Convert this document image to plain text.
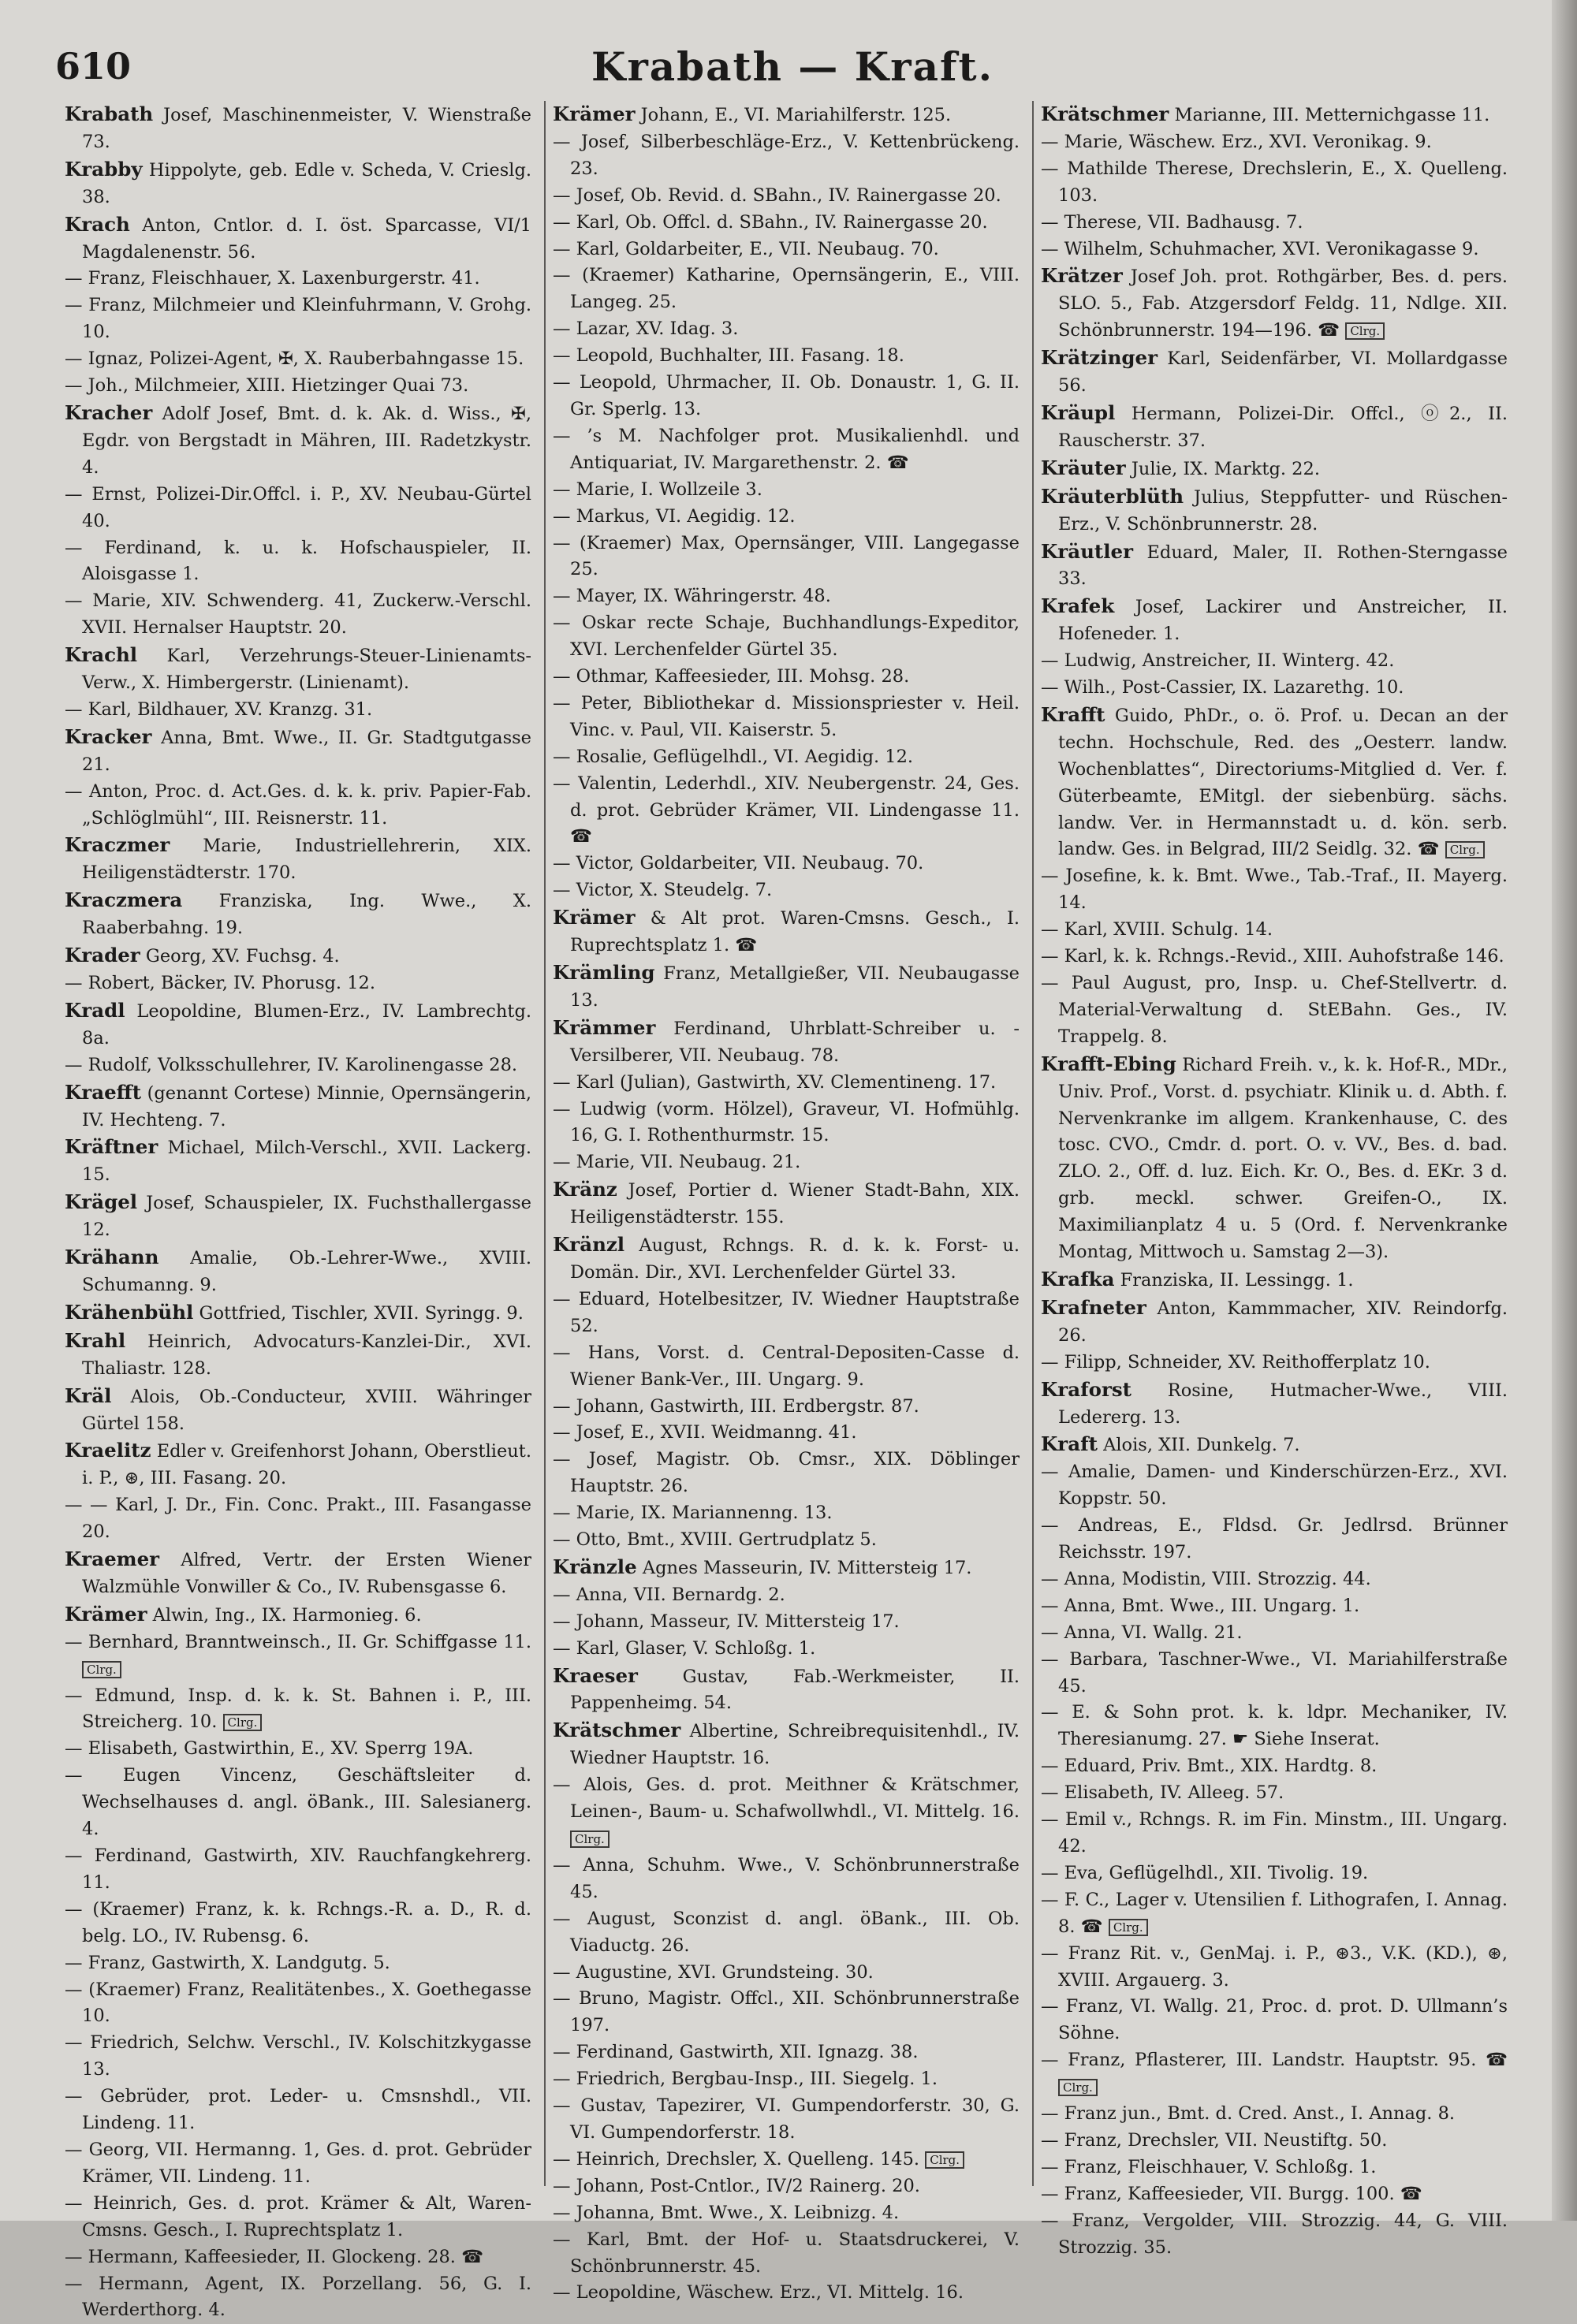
610	Krabath — Kraft.
Krabath Josef, Maschinenmeister, V. Wienstraße 73.
Krabby Hippolyte, geb. Edle v. Scheda, V. Crieslg. 38.
Krach Anton, Cntlor. d. I. öst. Sparcasse, VI/1 Magdalenenstr. 56.
— Franz, Fleischhauer, X. Laxenburgerstr. 41.
— Franz, Milchmeier und Kleinfuhrmann, V. Grohg. 10.
— Ignaz, Polizei-Agent, ✠, X. Rauberbahngasse 15.
— Joh., Milchmeier, XIII. Hietzinger Quai 73.
Kracher Adolf Josef, Bmt. d. k. Ak. d. Wiss., ✠, Egdr. von Bergstadt in Mähren, III. Radetzkystr. 4.
— Ernst, Polizei-Dir.Offcl. i. P., XV. Neubau-Gürtel 40.
— Ferdinand, k. u. k. Hofschauspieler, II. Aloisgasse 1.
— Marie, XIV. Schwenderg. 41, Zuckerw.-Verschl. XVII. Hernalser Hauptstr. 20.
Krachl Karl, Verzehrungs-Steuer-Linienamts-Verw., X. Himbergerstr. (Linienamt).
— Karl, Bildhauer, XV. Kranzg. 31.
Kracker Anna, Bmt. Wwe., II. Gr. Stadtgutgasse 21.
— Anton, Proc. d. Act.Ges. d. k. k. priv. Papier-Fab. „Schlöglmühl“, III. Reisnerstr. 11.
Kraczmer Marie, Industriellehrerin, XIX. Heiligenstädterstr. 170.
Kraczmera Franziska, Ing. Wwe., X. Raaberbahng. 19.
Krader Georg, XV. Fuchsg. 4.
— Robert, Bäcker, IV. Phorusg. 12.
Kradl Leopoldine, Blumen-Erz., IV. Lambrechtg. 8a.
— Rudolf, Volksschullehrer, IV. Karolinengasse 28.
Kraefft (genannt Cortese) Minnie, Opernsängerin, IV. Hechteng. 7.
Kräftner Michael, Milch-Verschl., XVII. Lackerg. 15.
Krägel Josef, Schauspieler, IX. Fuchsthallergasse 12.
Krähann Amalie, Ob.-Lehrer-Wwe., XVIII. Schumanng. 9.
Krähenbühl Gottfried, Tischler, XVII. Syringg. 9.
Krahl Heinrich, Advocaturs-Kanzlei-Dir., XVI. Thaliastr. 128.
Kräl Alois, Ob.-Conducteur, XVIII. Währinger Gürtel 158.
Kraelitz Edler v. Greifenhorst Johann, Oberstlieut. i. P., ⊛, III. Fasang. 20.
— — Karl, J. Dr., Fin. Conc. Prakt., III. Fasangasse 20.
Kraemer Alfred, Vertr. der Ersten Wiener Walzmühle Vonwiller & Co., IV. Rubensgasse 6.
Krämer Alwin, Ing., IX. Harmonieg. 6.
— Bernhard, Branntweinsch., II. Gr. Schiffgasse 11. Clrg.
— Edmund, Insp. d. k. k. St. Bahnen i. P., III. Streicherg. 10. Clrg.
— Elisabeth, Gastwirthin, E., XV. Sperrg 19A.
— Eugen Vincenz, Geschäftsleiter d. Wechselhauses d. angl. öBank., III. Salesianerg. 4.
— Ferdinand, Gastwirth, XIV. Rauchfangkehrerg. 11.
— (Kraemer) Franz, k. k. Rchngs.-R. a. D., R. d. belg. LO., IV. Rubensg. 6.
— Franz, Gastwirth, X. Landgutg. 5.
— (Kraemer) Franz, Realitätenbes., X. Goethegasse 10.
— Friedrich, Selchw. Verschl., IV. Kolschitzkygasse 13.
— Gebrüder, prot. Leder- u. Cmsnshdl., VII. Lindeng. 11.
— Georg, VII. Hermanng. 1, Ges. d. prot. Gebrüder Krämer, VII. Lindeng. 11.
— Heinrich, Ges. d. prot. Krämer & Alt, Waren-Cmsns. Gesch., I. Ruprechtsplatz 1.
— Hermann, Kaffeesieder, II. Glockeng. 28. ☎
— Hermann, Agent, IX. Porzellang. 56, G. I. Werderthorg. 4.
Krämer Johann, E., VI. Mariahilferstr. 125.
— Josef, Silberbeschläge-Erz., V. Kettenbrückeng. 23.
— Josef, Ob. Revid. d. SBahn., IV. Rainergasse 20.
— Karl, Ob. Offcl. d. SBahn., IV. Rainergasse 20.
— Karl, Goldarbeiter, E., VII. Neubaug. 70.
— (Kraemer) Katharine, Opernsängerin, E., VIII. Langeg. 25.
— Lazar, XV. Idag. 3.
— Leopold, Buchhalter, III. Fasang. 18.
— Leopold, Uhrmacher, II. Ob. Donaustr. 1, G. II. Gr. Sperlg. 13.
— ’s M. Nachfolger prot. Musikalienhdl. und Antiquariat, IV. Margarethenstr. 2. ☎
— Marie, I. Wollzeile 3.
— Markus, VI. Aegidig. 12.
— (Kraemer) Max, Opernsänger, VIII. Langegasse 25.
— Mayer, IX. Währingerstr. 48.
— Oskar recte Schaje, Buchhandlungs-Expeditor, XVI. Lerchenfelder Gürtel 35.
— Othmar, Kaffeesieder, III. Mohsg. 28.
— Peter, Bibliothekar d. Missionspriester v. Heil. Vinc. v. Paul, VII. Kaiserstr. 5.
— Rosalie, Geflügelhdl., VI. Aegidig. 12.
— Valentin, Lederhdl., XIV. Neubergenstr. 24, Ges. d. prot. Gebrüder Krämer, VII. Lindengasse 11. ☎
— Victor, Goldarbeiter, VII. Neubaug. 70.
— Victor, X. Steudelg. 7.
Krämer & Alt prot. Waren-Cmsns. Gesch., I. Ruprechtsplatz 1. ☎
Krämling Franz, Metallgießer, VII. Neubaugasse 13.
Krämmer Ferdinand, Uhrblatt-Schreiber u. -Versilberer, VII. Neubaug. 78.
— Karl (Julian), Gastwirth, XV. Clementineng. 17.
— Ludwig (vorm. Hölzel), Graveur, VI. Hofmühlg. 16, G. I. Rothenthurmstr. 15.
— Marie, VII. Neubaug. 21.
Kränz Josef, Portier d. Wiener Stadt-Bahn, XIX. Heiligenstädterstr. 155.
Kränzl August, Rchngs. R. d. k. k. Forst- u. Domän. Dir., XVI. Lerchenfelder Gürtel 33.
— Eduard, Hotelbesitzer, IV. Wiedner Hauptstraße 52.
— Hans, Vorst. d. Central-Depositen-Casse d. Wiener Bank-Ver., III. Ungarg. 9.
— Johann, Gastwirth, III. Erdbergstr. 87.
— Josef, E., XVII. Weidmanng. 41.
— Josef, Magistr. Ob. Cmsr., XIX. Döblinger Hauptstr. 26.
— Marie, IX. Mariannenng. 13.
— Otto, Bmt., XVIII. Gertrudplatz 5.
Kränzle Agnes Masseurin, IV. Mittersteig 17.
— Anna, VII. Bernardg. 2.
— Johann, Masseur, IV. Mittersteig 17.
— Karl, Glaser, V. Schloßg. 1.
Kraeser	Gustav, Fab.-Werkmeister, II. Pappenheimg. 54.
Krätschmer Albertine, Schreibrequisitenhdl., IV. Wiedner Hauptstr. 16.
— Alois, Ges. d. prot. Meithner & Krätschmer, Leinen-, Baum- u. Schafwollwhdl., VI. Mittelg. 16. Clrg.
— Anna, Schuhm. Wwe., V. Schönbrunnerstraße 45.
— August, Sconzist d. angl. öBank., III. Ob. Viaductg. 26.
— Augustine, XVI. Grundsteing. 30.
— Bruno, Magistr. Offcl., XII. Schönbrunnerstraße 197.
— Ferdinand, Gastwirth, XII. Ignazg. 38.
— Friedrich, Bergbau-Insp., III. Siegelg. 1.
— Gustav, Tapezirer, VI. Gumpendorferstr. 30, G. VI. Gumpendorferstr. 18.
— Heinrich, Drechsler, X. Quelleng. 145. Clrg.
— Johann, Post-Cntlor., IV/2 Rainerg. 20.
— Johanna, Bmt. Wwe., X. Leibnizg. 4.
— Karl, Bmt. der Hof- u. Staatsdruckerei, V. Schönbrunnerstr. 45.
— Leopoldine, Wäschew. Erz., VI. Mittelg. 16.
Krätschmer Marianne, III. Metternichgasse 11.
— Marie, Wäschew. Erz., XVI. Veronikag. 9.
— Mathilde Therese, Drechslerin, E., X. Quelleng. 103.
— Therese, VII. Badhausg. 7.
— Wilhelm, Schuhmacher, XVI. Veronikagasse 9.
Krätzer Josef Joh. prot. Rothgärber, Bes. d. pers. SLO. 5., Fab. Atzgersdorf Feldg. 11, Ndlge. XII. Schönbrunnerstr. 194—196. ☎ Clrg.
Krätzinger Karl, Seidenfärber, VI. Mollardgasse 56.
Kräupl Hermann, Polizei-Dir. Offcl., ⓞ2., II. Rauscherstr. 37.
Kräuter Julie, IX. Marktg. 22.
Kräuterblüth Julius, Steppfutter- und Rüschen-Erz., V. Schönbrunnerstr. 28.
Kräutler Eduard, Maler, II. Rothen-Sterngasse 33.
Krafek Josef, Lackirer und Anstreicher, II. Hofeneder. 1.
— Ludwig, Anstreicher, II. Winterg. 42.
— Wilh., Post-Cassier, IX. Lazarethg. 10.
Krafft Guido, PhDr., o. ö. Prof. u. Decan an der techn. Hochschule, Red. des „Oesterr. landw. Wochenblattes“, Directoriums-Mitglied d. Ver. f. Güterbeamte, EMitgl. der siebenbürg. sächs. landw. Ver. in Hermannstadt u. d. kön. serb. landw. Ges. in Belgrad, III/2 Seidlg. 32. ☎ Clrg.
— Josefine, k. k. Bmt. Wwe., Tab.-Traf., II. Mayerg. 14.
— Karl, XVIII. Schulg. 14.
— Karl, k. k. Rchngs.-Revid., XIII. Auhofstraße 146.
— Paul August, pro, Insp. u. Chef-Stellvertr. d. Material-Verwaltung d. StEBahn. Ges., IV. Trappelg. 8.
Krafft-Ebing Richard Freih. v., k. k. Hof-R., MDr., Univ. Prof., Vorst. d. psychiatr. Klinik u. d. Abth. f. Nervenkranke im allgem. Krankenhause, C. des tosc. CVO., Cmdr. d. port. O. v. VV., Bes. d. bad. ZLO. 2., Off. d. luz. Eich. Kr. O., Bes. d. EKr. 3 d. grb. meckl. schwer. Greifen-O., IX. Maximilianplatz 4 u. 5 (Ord. f. Nervenkranke Montag, Mittwoch u. Samstag 2—3).
Krafka Franziska, II. Lessingg. 1.
Krafneter Anton, Kammmacher, XIV. Reindorfg. 26.
— Filipp, Schneider, XV. Reithofferplatz 10.
Kraforst Rosine, Hutmacher-Wwe., VIII. Ledererg. 13.
Kraft Alois, XII. Dunkelg. 7.
— Amalie, Damen- und Kinderschürzen-Erz., XVI. Koppstr. 50.
— Andreas, E., Fldsd. Gr. Jedlrsd. Brünner Reichsstr. 197.
— Anna, Modistin, VIII. Strozzig. 44.
— Anna, Bmt. Wwe., III. Ungarg. 1.
— Anna, VI. Wallg. 21.
— Barbara, Taschner-Wwe., VI. Mariahilferstraße 45.
— E. & Sohn prot. k. k. ldpr. Mechaniker, IV. Theresianumg. 27. ☛ Siehe Inserat.
— Eduard, Priv. Bmt., XIX. Hardtg. 8.
— Elisabeth, IV. Alleeg. 57.
— Emil v., Rchngs. R. im Fin. Minstm., III. Ungarg. 42.
— Eva, Geflügelhdl., XII. Tivolig. 19.
— F. C., Lager v. Utensilien f. Lithografen, I. Annag. 8. ☎ Clrg.
— Franz Rit. v., GenMaj. i. P., ⊛3., V.K. (KD.), ⊛, XVIII. Argauerg. 3.
— Franz, VI. Wallg. 21, Proc. d. prot. D. Ullmann’s Söhne.
— Franz, Pflasterer, III. Landstr. Hauptstr. 95. ☎ Clrg.
— Franz jun., Bmt. d. Cred. Anst., I. Annag. 8.
— Franz, Drechsler, VII. Neustiftg. 50.
— Franz, Fleischhauer, V. Schloßg. 1.
— Franz, Kaffeesieder, VII. Burgg. 100. ☎
— Franz, Vergolder, VIII. Strozzig. 44, G. VIII. Strozzig. 35.
